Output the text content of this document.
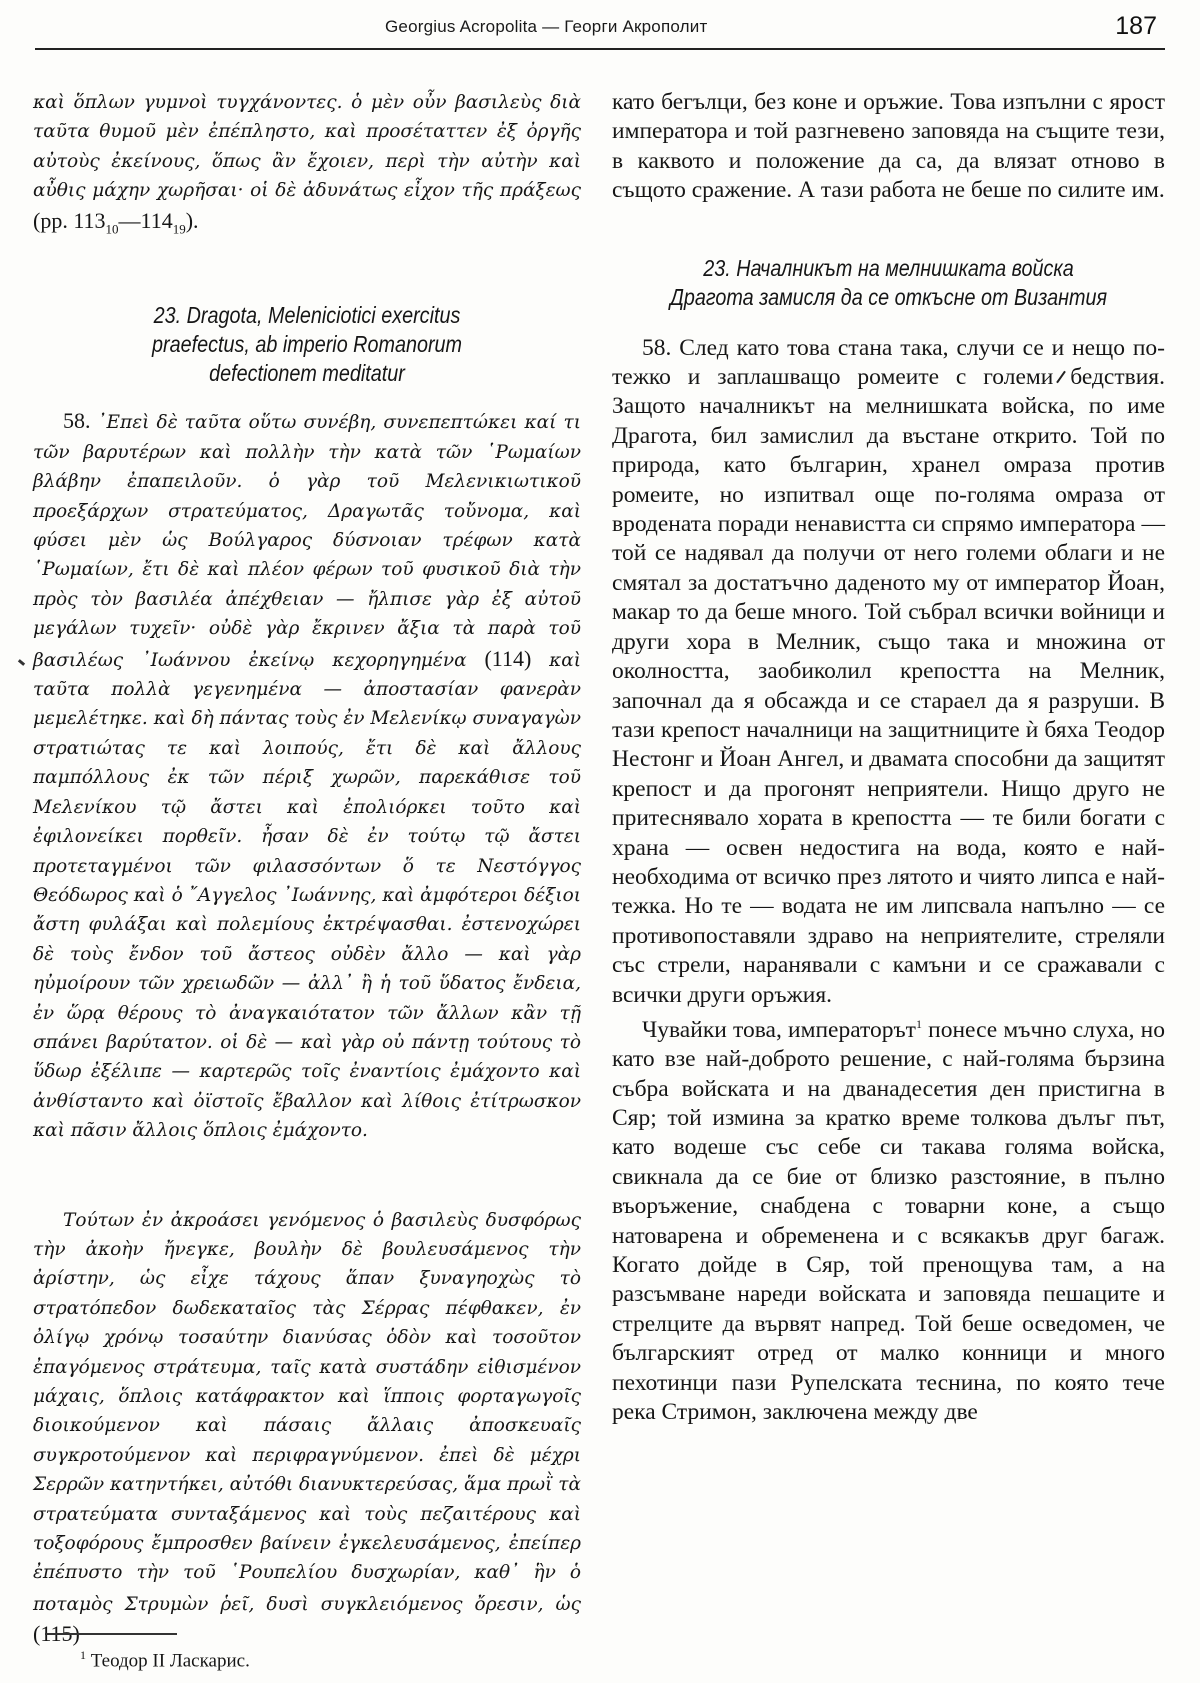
Georgius Acropolita — Георги Акрополит	187

καὶ ὅπλων γυμνοὶ τυγχάνοντες. ὁ μὲν οὖν βασιλεὺς διὰ ταῦτα θυμοῦ μὲν ἐπέπληστο, καὶ προσέταττεν ἐξ ὀργῆς αὐτοὺς ἐκείνους, ὅπως ἂν ἔχοιεν, περὶ τὴν αὐτὴν καὶ αὖθις μάχην χωρῆσαι· οἱ δὲ ἀδυνάτως εἶχον τῆς πράξεως (pp. $113_{10}—114_{19}$).

23. Dragota, Meleniciotici exercitus praefectus, ab imperio Romanorum defectionem meditatur

58. ᾿Επεὶ δὲ ταῦτα οὕτω συνέβη, συνεπεπτώκει καί τι τῶν βαρυτέρων καὶ πολλὴν τὴν κατὰ τῶν ῾Ρωμαίων βλάβην ἐπαπειλοῦν. ὁ γὰρ τοῦ Μελενικιωτικοῦ προεξάρχων στρατεύματος, Δραγωτᾶς τοὔνομα, καὶ φύσει μὲν ὡς Βούλγαρος δύσνοιαν τρέφων κατὰ ῾Ρωμαίων, ἔτι δὲ καὶ πλέον φέρων τοῦ φυσικοῦ διὰ τὴν πρὸς τὸν βασιλέα ἀπέχθειαν — ἤλπισε γὰρ ἐξ αὐτοῦ μεγάλων τυχεῖν· οὐδὲ γὰρ ἔκρινεν ἄξια τὰ παρὰ τοῦ βασιλέως ᾿Ιωάννου ἐκείνῳ κεχορηγημένα (114) καὶ ταῦτα πολλὰ γεγενημένα — ἀποστασίαν φανερὰν μεμελέτηκε. καὶ δὴ πάντας τοὺς ἐν Μελενίκῳ συναγαγὼν στρατιώτας τε καὶ λοιπούς, ἔτι δὲ καὶ ἄλλους παμπόλλους ἐκ τῶν πέριξ χωρῶν, παρεκάθισε τοῦ Μελενίκου τῷ ἄστει καὶ ἐπολιόρκει τοῦτο καὶ ἐφιλονείκει πορθεῖν. ἦσαν δὲ ἐν τούτῳ τῷ ἄστει προτεταγμένοι τῶν φιλασσόντων ὅ τε Νεστόγγος Θεόδωρος καὶ ὁ ῎Αγγελος ᾿Ιωάννης, καὶ ἀμφότεροι δέξιοι ἄστη φυλάξαι καὶ πολεμίους ἐκτρέψασθαι. ἐστενοχώρει δὲ τοὺς ἔνδον τοῦ ἄστεος οὐδὲν ἄλλο — καὶ γὰρ ηὐμοίρουν τῶν χρειωδῶν — ἀλλ᾿ ἢ ἡ τοῦ ὕδατος ἔνδεια, ἐν ὥρᾳ θέρους τὸ ἀναγκαιότατον τῶν ἄλλων κἂν τῇ σπάνει βαρύτατον. οἱ δὲ — καὶ γὰρ οὐ πάντῃ τούτους τὸ ὕδωρ ἐξέλιπε — καρτερῶς τοῖς ἐναντίοις ἐμάχοντο καὶ ἀνθίσταντο καὶ ὀϊστοῖς ἔβαλλον καὶ λίθοις ἐτίτρωσκον καὶ πᾶσιν ἄλλοις ὅπλοις ἐμάχοντο.

Τούτων ἐν ἀκροάσει γενόμενος ὁ βασιλεὺς δυσφόρως τὴν ἀκοὴν ἤνεγκε, βουλὴν δὲ βουλευσάμενος τὴν ἀρίστην, ὡς εἶχε τάχους ἅπαν ξυναγηοχὼς τὸ στρατόπεδον δωδεκαταῖος τὰς Σέρρας πέφθακεν, ἐν ὀλίγῳ χρόνῳ τοσαύτην διανύσας ὁδὸν καὶ τοσοῦτον ἐπαγόμενος στράτευμα, ταῖς κατὰ συστάδην εἰθισμένον μάχαις, ὅπλοις κατάφρακτον καὶ ἵπποις φορταγωγοῖς διοικούμενον καὶ πάσαις ἄλλαις ἀποσκευαῖς συγκροτούμενον καὶ περιφραγνύμενον. ἐπεὶ δὲ μέχρι Σερρῶν κατηντήκει, αὐτόθι διανυκτερεύσας, ἅμα πρωῒ τὰ στρατεύματα συνταξάμενος καὶ τοὺς πεζαιτέρους καὶ τοξοφόρους ἔμπροσθεν βαίνειν ἐγκελευσάμενος, ἐπείπερ ἐπέπυστο τὴν τοῦ ῾Ρουπελίου δυσχωρίαν, καθ᾿ ἣν ὁ ποταμὸς Στρυμὼν ῥεῖ, δυσὶ συγκλειόμενος ὄρεσιν, ὡς (115)

като бегълци, без коне и оръжие. Това изпълни с ярост императора и той разгневено заповяда на същите тези, в каквото и положение да са, да влязат отново в същото сражение. А тази работа не беше по силите им.

23. Началникът на мелнишката войска Драгота замисля да се откъсне от Византия

58. След като това стана така, случи се и нещо по-тежко и заплашващо ромеите с големи бедствия. Защото началникът на мелнишката войска, по име Драгота, бил замислил да въстане открито. Той по природа, като българин, хранел омраза против ромеите, но изпитвал още по-голяма омраза от вродената поради ненавистта си спрямо императора — той се надявал да получи от него големи облаги и не смятал за достатъчно даденото му от император Йоан, макар то да беше много. Той събрал всички войници и други хора в Мелник, също така и множина от околността, заобиколил крепостта на Мелник, започнал да я обсажда и се стараел да я разруши. В тази крепост началници на защитниците ѝ бяха Теодор Нестонг и Йоан Ангел, и двамата способни да защитят крепост и да прогонят неприятели. Нищо друго не притеснявало хората в крепостта — те били богати с храна — освен недостига на вода, която е най-необходима от всичко през лятото и чиято липса е най-тежка. Но те — водата не им липсвала напълно — се противопоставяли здраво на неприятелите, стреляли със стрели, наранявали с камъни и се сражавали с всички други оръжия.

Чувайки това, императорът$^1$ понесе мъчно слуха, но като взе най-доброто решение, с най-голяма бързина събра войската и на дванадесетия ден пристигна в Сяр; той измина за кратко време толкова дълъг път, като водеше със себе си такава голяма войска, свикнала да се бие от близко разстояние, в пълно въоръжение, снабдена с товарни коне, а също натоварена и обременена и с всякакъв друг багаж. Когато дойде в Сяр, той пренощува там, а на разсъмване нареди войската и заповяда пешаците и стрелците да вървят напред. Той беше осведомен, че българският отред от малко конници и много пехотинци пази Рупелската теснина, по която тече река Стримон, заключена между две

$^1$ Теодор II Ласкарис.
